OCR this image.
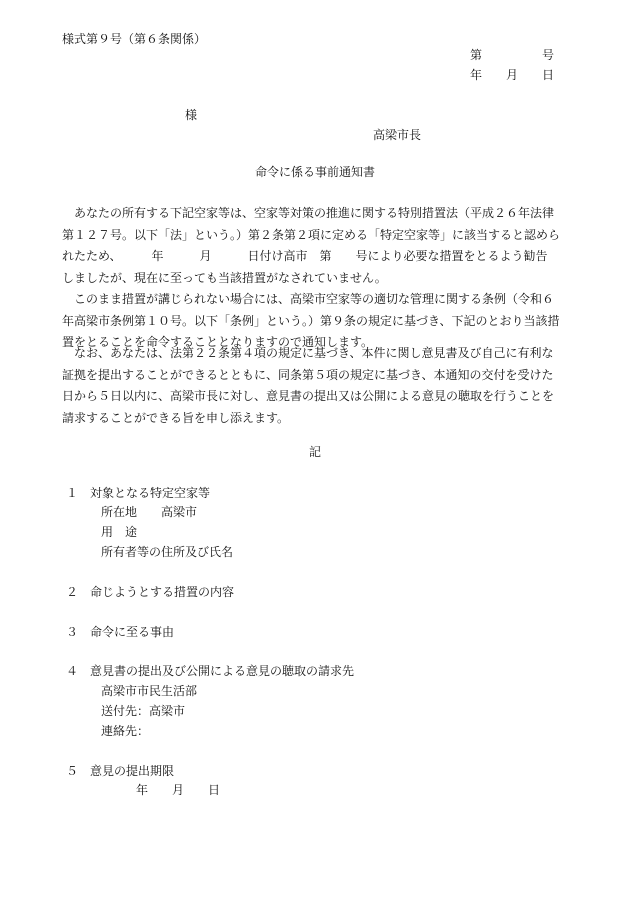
様式第９号（第６条関係）
第　　　　　号
年　　月　　日
様
高梁市長
命令に係る事前通知書
　あなたの所有する下記空家等は、空家等対策の推進に関する特別措置法（平成２６年法律
第１２７号。以下「法」という。）第２条第２項に定める「特定空家等」に該当すると認めら
れたため、　　　年　　　月　　　日付け高市　第　　号により必要な措置をとるよう勧告
しましたが、現在に至っても当該措置がなされていません。
　このまま措置が講じられない場合には、高梁市空家等の適切な管理に関する条例（令和６
年高梁市条例第１０号。以下「条例」という。）第９条の規定に基づき、下記のとおり当該措
置をとることを命令することとなりますので通知します。
　なお、あなたは、法第２２条第４項の規定に基づき、本件に関し意見書及び自己に有利な
証拠を提出することができるとともに、同条第５項の規定に基づき、本通知の交付を受けた
日から５日以内に、高梁市長に対し、意見書の提出又は公開による意見の聴取を行うことを
請求することができる旨を申し添えます。
記
１　対象となる特定空家等
所在地　　高梁市
用　途
所有者等の住所及び氏名
２　命じようとする措置の内容
３　命令に至る事由
４　意見書の提出及び公開による意見の聴取の請求先
高梁市市民生活部
送付先：高梁市
連絡先：
５　意見の提出期限
年　　月　　日
